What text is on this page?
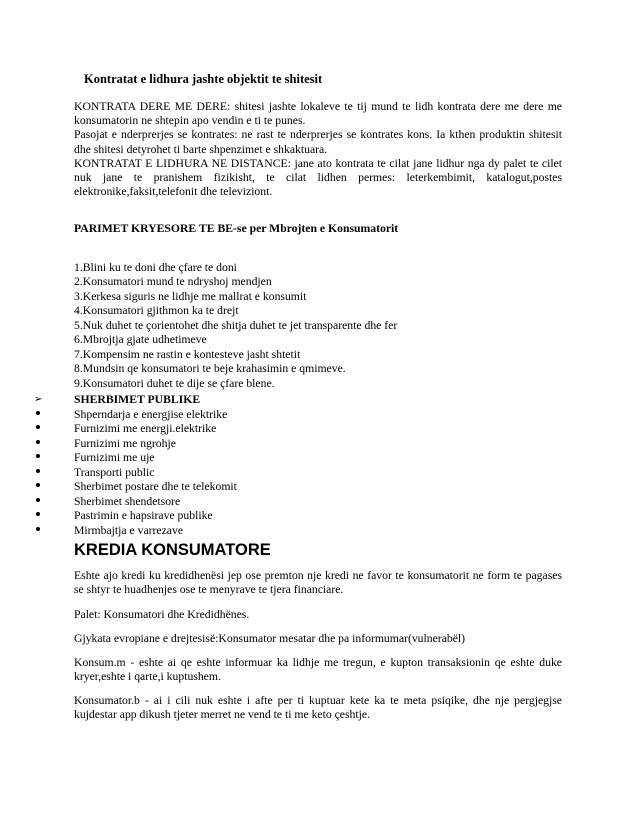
Kontratat e lidhura jashte objektit te shitesit

KONTRATA DERE ME DERE: shitesi jashte lokaleve te tij mund te lidh kontrata dere me dere me konsumatorin ne shtepin apo vendin e ti te punes.

Pasojat e nderprerjes se kontrates: ne rast te nderprerjes se kontrates kons. Ia kthen produktin shitesit dhe shitesi detyrohet ti barte shpenzimet e shkaktuara.

KONTRATAT E LIDHURA NE DISTANCE: jane ato kontrata te cilat jane lidhur nga dy palet te cilet nuk jane te pranishem fizikisht, te cilat lidhen permes: leterkembimit, katalogut,postes elektronike,faksit,telefonit dhe televiziont.

PARIMET KRYESORE TE BE-se per Mbrojten e Konsumatorit
1.Blini ku te doni dhe çfare te doni
2.Konsumatori mund te ndryshoj mendjen
3.Kerkesa siguris ne lidhje me mallrat e konsumit
4.Konsumatori gjithmon ka te drejt
5.Nuk duhet te çorientohet dhe shitja duhet te jet transparente dhe fer
6.Mbrojtja gjate udhetimeve
7.Kompensim ne rastin e kontesteve jasht shtetit
8.Mundsin qe konsumatori te beje krahasimin e qmimeve.
9.Konsumatori duhet te dije se çfare blene.
➢	SHERBIMET PUBLIKE
Shperndarja e energjise elektrike
Furnizimi me energji.elektrike
Furnizimi me ngrohje
Furnizimi me uje
Transporti public
Sherbimet postare dhe te telekomit
Sherbimet shendetsore
Pastrimin e hapsirave publike
Mirmbajtja e varrezave
KREDIA KONSUMATORE
Eshte ajo kredi ku kredidhenësi jep ose premton nje kredi ne favor te konsumatorit ne form te pagases se shtyr te huadhenjes ose te menyrave te tjera financiare.
Palet: Konsumatori dhe Kredidhënes.
Gjykata evropiane e drejtesisë:Konsumator mesatar dhe pa informumar(vulnerabël)
Konsum.m - eshte ai qe eshte informuar ka lidhje me tregun, e kupton transaksionin qe eshte duke kryer,eshte i qarte,i kuptushem.
Konsumator.b - ai i cili nuk eshte i afte per ti kuptuar kete ka te meta psiqike, dhe nje pergjegjse kujdestar app dikush tjeter merret ne vend te ti me keto çeshtje.
